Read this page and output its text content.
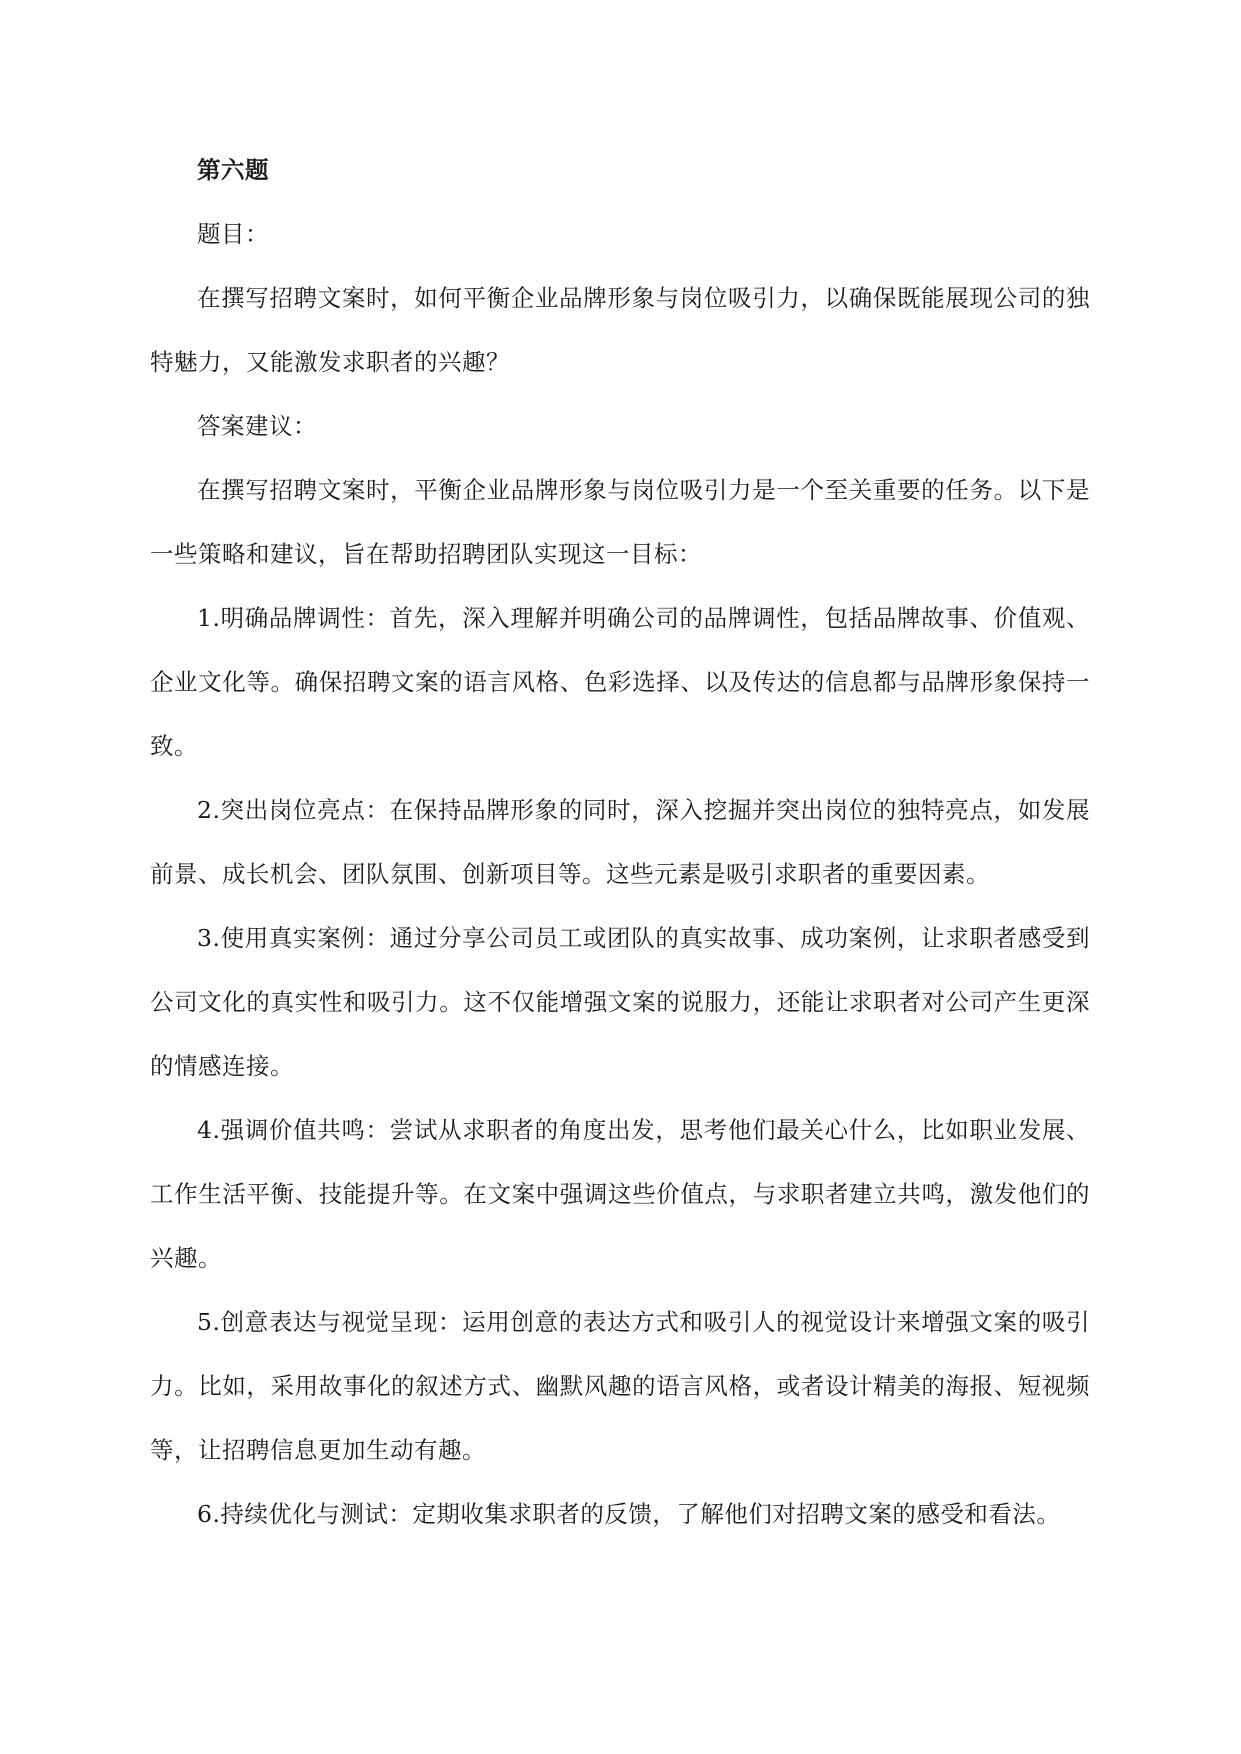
第六题

题目：

在撰写招聘文案时，如何平衡企业品牌形象与岗位吸引力，以确保既能展现公司的独特魅力，又能激发求职者的兴趣？

答案建议：

在撰写招聘文案时，平衡企业品牌形象与岗位吸引力是一个至关重要的任务。以下是一些策略和建议，旨在帮助招聘团队实现这一目标：

1.明确品牌调性：首先，深入理解并明确公司的品牌调性，包括品牌故事、价值观、企业文化等。确保招聘文案的语言风格、色彩选择、以及传达的信息都与品牌形象保持一致。

2.突出岗位亮点：在保持品牌形象的同时，深入挖掘并突出岗位的独特亮点，如发展前景、成长机会、团队氛围、创新项目等。这些元素是吸引求职者的重要因素。

3.使用真实案例：通过分享公司员工或团队的真实故事、成功案例，让求职者感受到公司文化的真实性和吸引力。这不仅能增强文案的说服力，还能让求职者对公司产生更深的情感连接。

4.强调价值共鸣：尝试从求职者的角度出发，思考他们最关心什么，比如职业发展、工作生活平衡、技能提升等。在文案中强调这些价值点，与求职者建立共鸣，激发他们的兴趣。

5.创意表达与视觉呈现：运用创意的表达方式和吸引人的视觉设计来增强文案的吸引力。比如，采用故事化的叙述方式、幽默风趣的语言风格，或者设计精美的海报、短视频等，让招聘信息更加生动有趣。

6.持续优化与测试：定期收集求职者的反馈，了解他们对招聘文案的感受和看法。
